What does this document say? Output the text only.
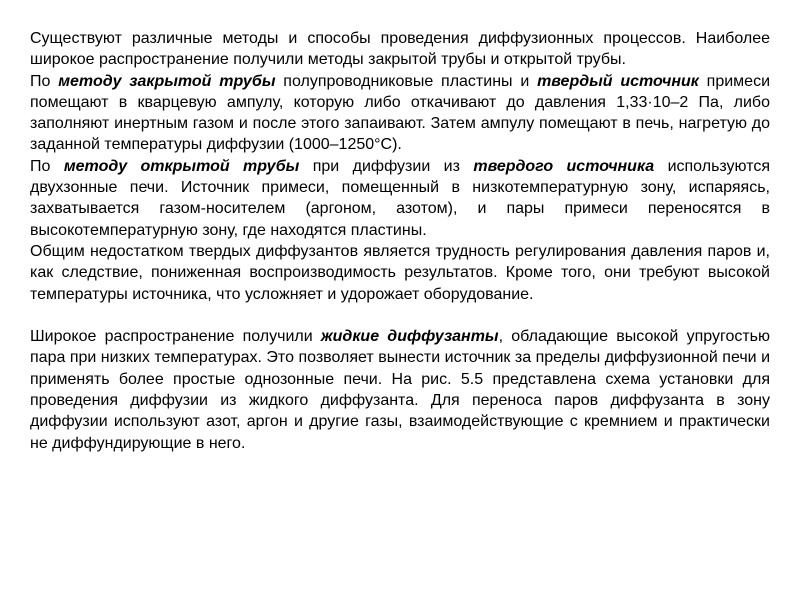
Существуют различные методы и способы проведения диффузионных процессов. Наиболее широкое распространение получили методы закрытой трубы и открытой трубы.

По методу закрытой трубы полупроводниковые пластины и твердый источник примеси помещают в кварцевую ампулу, которую либо откачивают до давления 1,33·10–2 Па, либо заполняют инертным газом и после этого запаивают. Затем ампулу помещают в печь, нагретую до заданной температуры диффузии (1000–1250°С).

По методу открытой трубы при диффузии из твердого источника используются двухзонные печи. Источник примеси, помещенный в низкотемпературную зону, испаряясь, захватывается газом-носителем (аргоном, азотом), и пары примеси переносятся в высокотемпературную зону, где находятся пластины.

Общим недостатком твердых диффузантов является трудность регулирования давления паров и, как следствие, пониженная воспроизводимость результатов. Кроме того, они требуют высокой температуры источника, что усложняет и удорожает оборудование.

Широкое распространение получили жидкие диффузанты, обладающие высокой упругостью пара при низких температурах. Это позволяет вынести источник за пределы диффузионной печи и применять более простые однозонные печи. На рис. 5.5 представлена схема установки для проведения диффузии из жидкого диффузанта. Для переноса паров диффузанта в зону диффузии используют азот, аргон и другие газы, взаимодействующие с кремнием и практически не диффундирующие в него.
